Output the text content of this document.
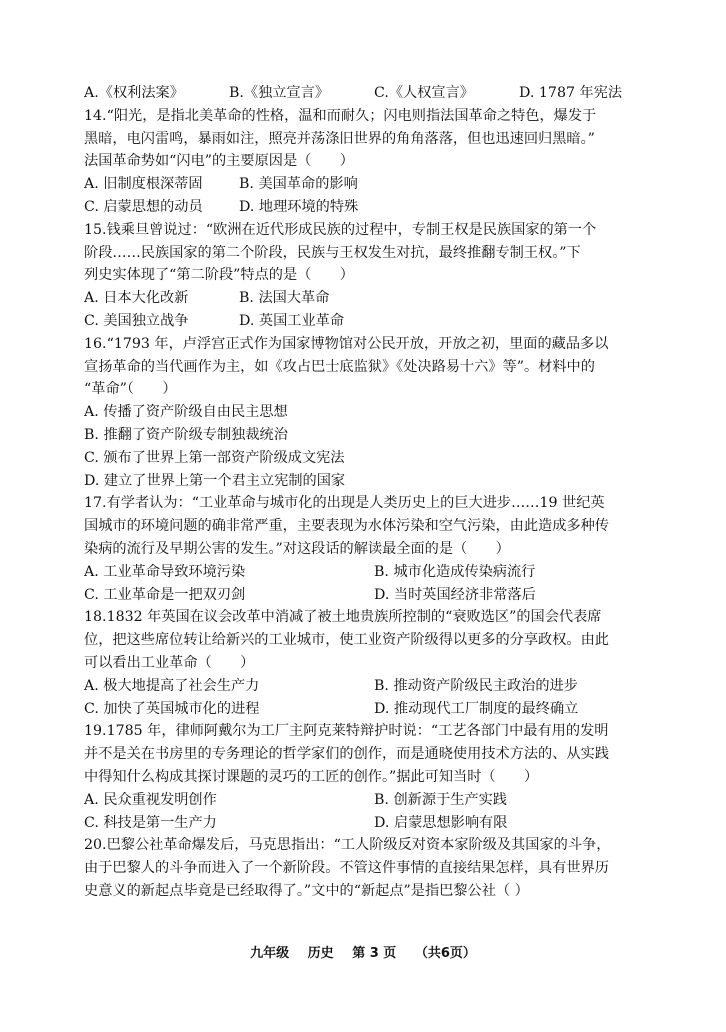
A.《权利法案》	B.《独立宣言》	C.《人权宣言》	D. 1787 年宪法
14.“阳光，是指北美革命的性格，温和而耐久；闪电则指法国革命之特色，爆发于
黑暗，电闪雷鸣，暴雨如注，照亮并荡涤旧世界的角角落落，但也迅速回归黑暗。”
法国革命势如“闪电”的主要原因是（　　）
A. 旧制度根深蒂固	B. 美国革命的影响
C. 启蒙思想的动员	D. 地理环境的特殊
15.钱乘旦曾说过：“欧洲在近代形成民族的过程中，专制王权是民族国家的第一个
阶段……民族国家的第二个阶段，民族与王权发生对抗，最终推翻专制王权。”下
列史实体现了“第二阶段”特点的是（　　）
A. 日本大化改新	B. 法国大革命
C. 美国独立战争	D. 英国工业革命
16.“1793 年，卢浮宫正式作为国家博物馆对公民开放，开放之初，里面的藏品多以
宣扬革命的当代画作为主，如《攻占巴士底监狱》《处决路易十六》等”。材料中的
“革命”（　　）
A. 传播了资产阶级自由民主思想
B. 推翻了资产阶级专制独裁统治
C. 颁布了世界上第一部资产阶级成文宪法
D. 建立了世界上第一个君主立宪制的国家
17.有学者认为：“工业革命与城市化的出现是人类历史上的巨大进步……19 世纪英
国城市的环境问题的确非常严重，主要表现为水体污染和空气污染，由此造成多种传
染病的流行及早期公害的发生。”对这段话的解读最全面的是（　　）
A. 工业革命导致环境污染	B. 城市化造成传染病流行
C. 工业革命是一把双刃剑	D. 当时英国经济非常落后
18.1832 年英国在议会改革中消减了被土地贵族所控制的“衰败选区”的国会代表席
位，把这些席位转让给新兴的工业城市，使工业资产阶级得以更多的分享政权。由此
可以看出工业革命（　　）
A. 极大地提高了社会生产力	B. 推动资产阶级民主政治的进步
C. 加快了英国城市化的进程	D. 推动现代工厂制度的最终确立
19.1785 年，律师阿戴尔为工厂主阿克莱特辩护时说：“工艺各部门中最有用的发明
并不是关在书房里的专务理论的哲学家们的创作，而是通晓使用技术方法的、从实践
中得知什么构成其探讨课题的灵巧的工匠的创作。”据此可知当时（　　）
A. 民众重视发明创作	B. 创新源于生产实践
C. 科技是第一生产力	D. 启蒙思想影响有限
20.巴黎公社革命爆发后，马克思指出：“工人阶级反对资本家阶级及其国家的斗争，
由于巴黎人的斗争而进入了一个新阶段。不管这件事情的直接结果怎样，具有世界历
史意义的新起点毕竟是已经取得了。”文中的“新起点”是指巴黎公社（ ）
九年级 历史 第 3 页 （共6页）
